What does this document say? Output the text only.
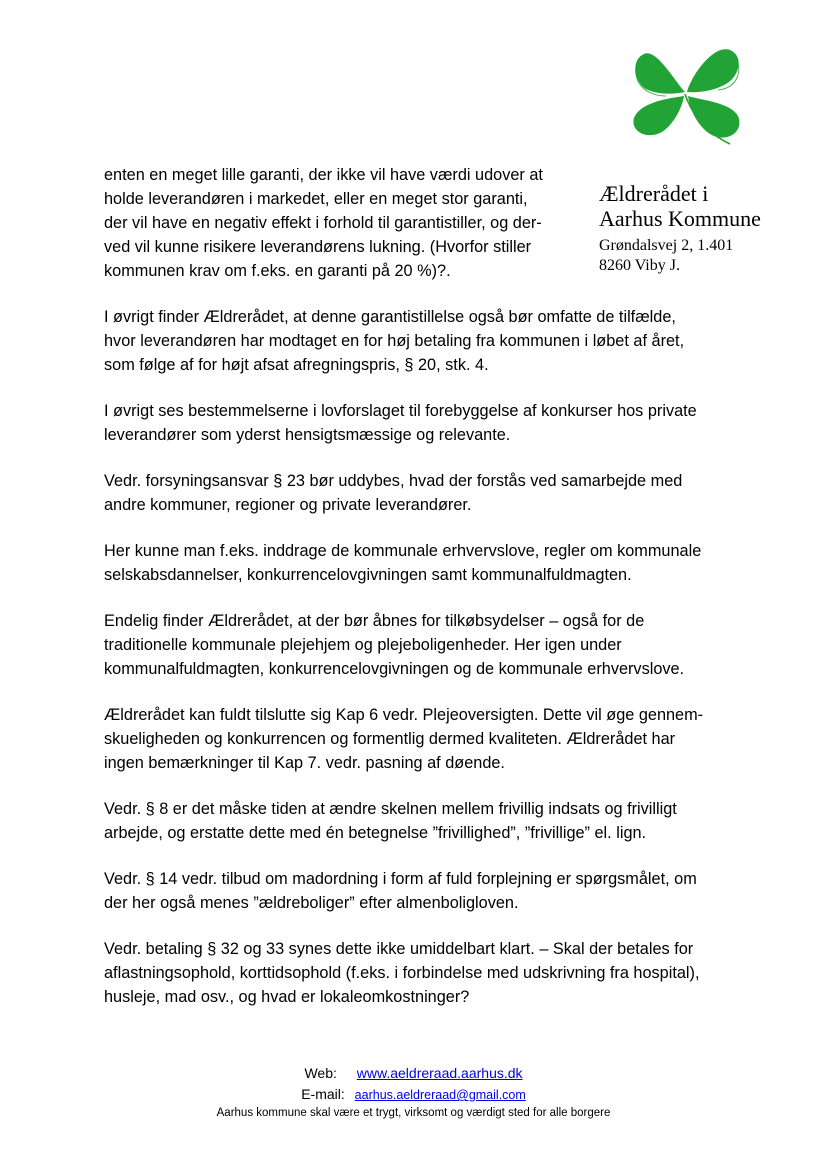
Ældrerådet i
Aarhus Kommune
Grøndalsvej 2, 1.401
8260 Viby J.

enten en meget lille garanti, der ikke vil have værdi udover at
holde leverandøren i markedet, eller en meget stor garanti,
der vil have en negativ effekt i forhold til garantistiller, og der-
ved vil kunne risikere leverandørens lukning. (Hvorfor stiller
kommunen krav om f.eks. en garanti på 20 %)?.

I øvrigt finder Ældrerådet, at denne garantistillelse også bør omfatte de tilfælde,
hvor leverandøren har modtaget en for høj betaling fra kommunen i løbet af året,
som følge af for højt afsat afregningspris, § 20, stk. 4.

I øvrigt ses bestemmelserne i lovforslaget til forebyggelse af konkurser hos private
leverandører som yderst hensigtsmæssige og relevante.

Vedr. forsyningsansvar § 23 bør uddybes, hvad der forstås ved samarbejde med
andre kommuner, regioner og private leverandører.

Her kunne man f.eks. inddrage de kommunale erhvervslove, regler om kommunale
selskabsdannelser, konkurrencelovgivningen samt kommunalfuldmagten.

Endelig finder Ældrerådet, at der bør åbnes for tilkøbsydelser – også for de
traditionelle kommunale plejehjem og plejeboligenheder. Her igen under
kommunalfuldmagten, konkurrencelovgivningen og de kommunale erhvervslove.

Ældrerådet kan fuldt tilslutte sig Kap 6 vedr. Plejeoversigten. Dette vil øge gennem-
skueligheden og konkurrencen og formentlig dermed kvaliteten. Ældrerådet har
ingen bemærkninger til Kap 7. vedr. pasning af døende.

Vedr. § 8 er det måske tiden at ændre skelnen mellem frivillig indsats og frivilligt
arbejde, og erstatte dette med én betegnelse ”frivillighed”, ”frivillige” el. lign.

Vedr. § 14 vedr. tilbud om madordning i form af fuld forplejning er spørgsmålet, om
der her også menes ”ældreboliger” efter almenboligloven.

Vedr. betaling § 32 og 33 synes dette ikke umiddelbart klart. – Skal der betales for
aflastningsophold, korttidsophold (f.eks. i forbindelse med udskrivning fra hospital),
husleje, mad osv., og hvad er lokaleomkostninger?

Web: www.aeldreraad.aarhus.dk
E-mail: aarhus.aeldreraad@gmail.com
Aarhus kommune skal være et trygt, virksomt og værdigt sted for alle borgere
